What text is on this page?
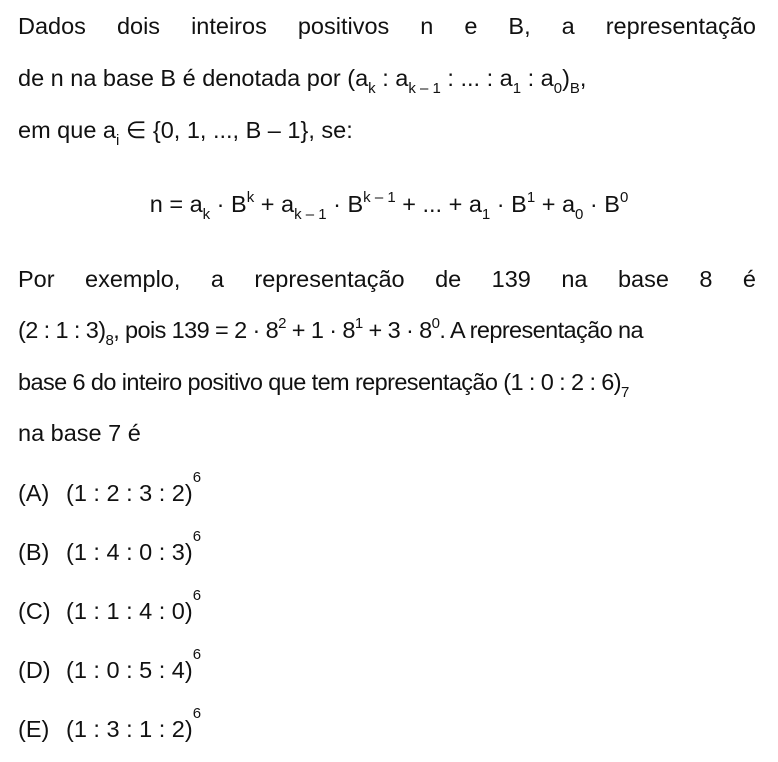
Dados dois inteiros positivos n e B, a representação
de n na base B é denotada por ($a_k$ : $a_{k - 1}$ : ... : $a_1$ : $a_0)_B$,
em que $a_i$ ∈ {0, 1, ..., B – 1}, se:
$n = a_k \cdot B^k + a_{k - 1} \cdot B^{k - 1}$ + ... + $a_1 \cdot B^1 + a_0 \cdot B^0$
Por exemplo, a representação de 139 na base 8 é
(2 : 1 : $3)_8$, pois $139 = 2 \cdot 8^2 + 1 \cdot 8^1 + 3 \cdot 8^0$. A representação na
base 6 do inteiro positivo que tem representação (1 : 0 : 2 : $6)_7$
na base 7 é
(A) (1 : 2 : 3 : 2)
6
(B) (1 : 4 : 0 : 3)
6
(C) (1 : 1 : 4 : 0)
6
(D) (1 : 0 : 5 : 4)
6
(E) (1 : 3 : 1 : 2)
6
